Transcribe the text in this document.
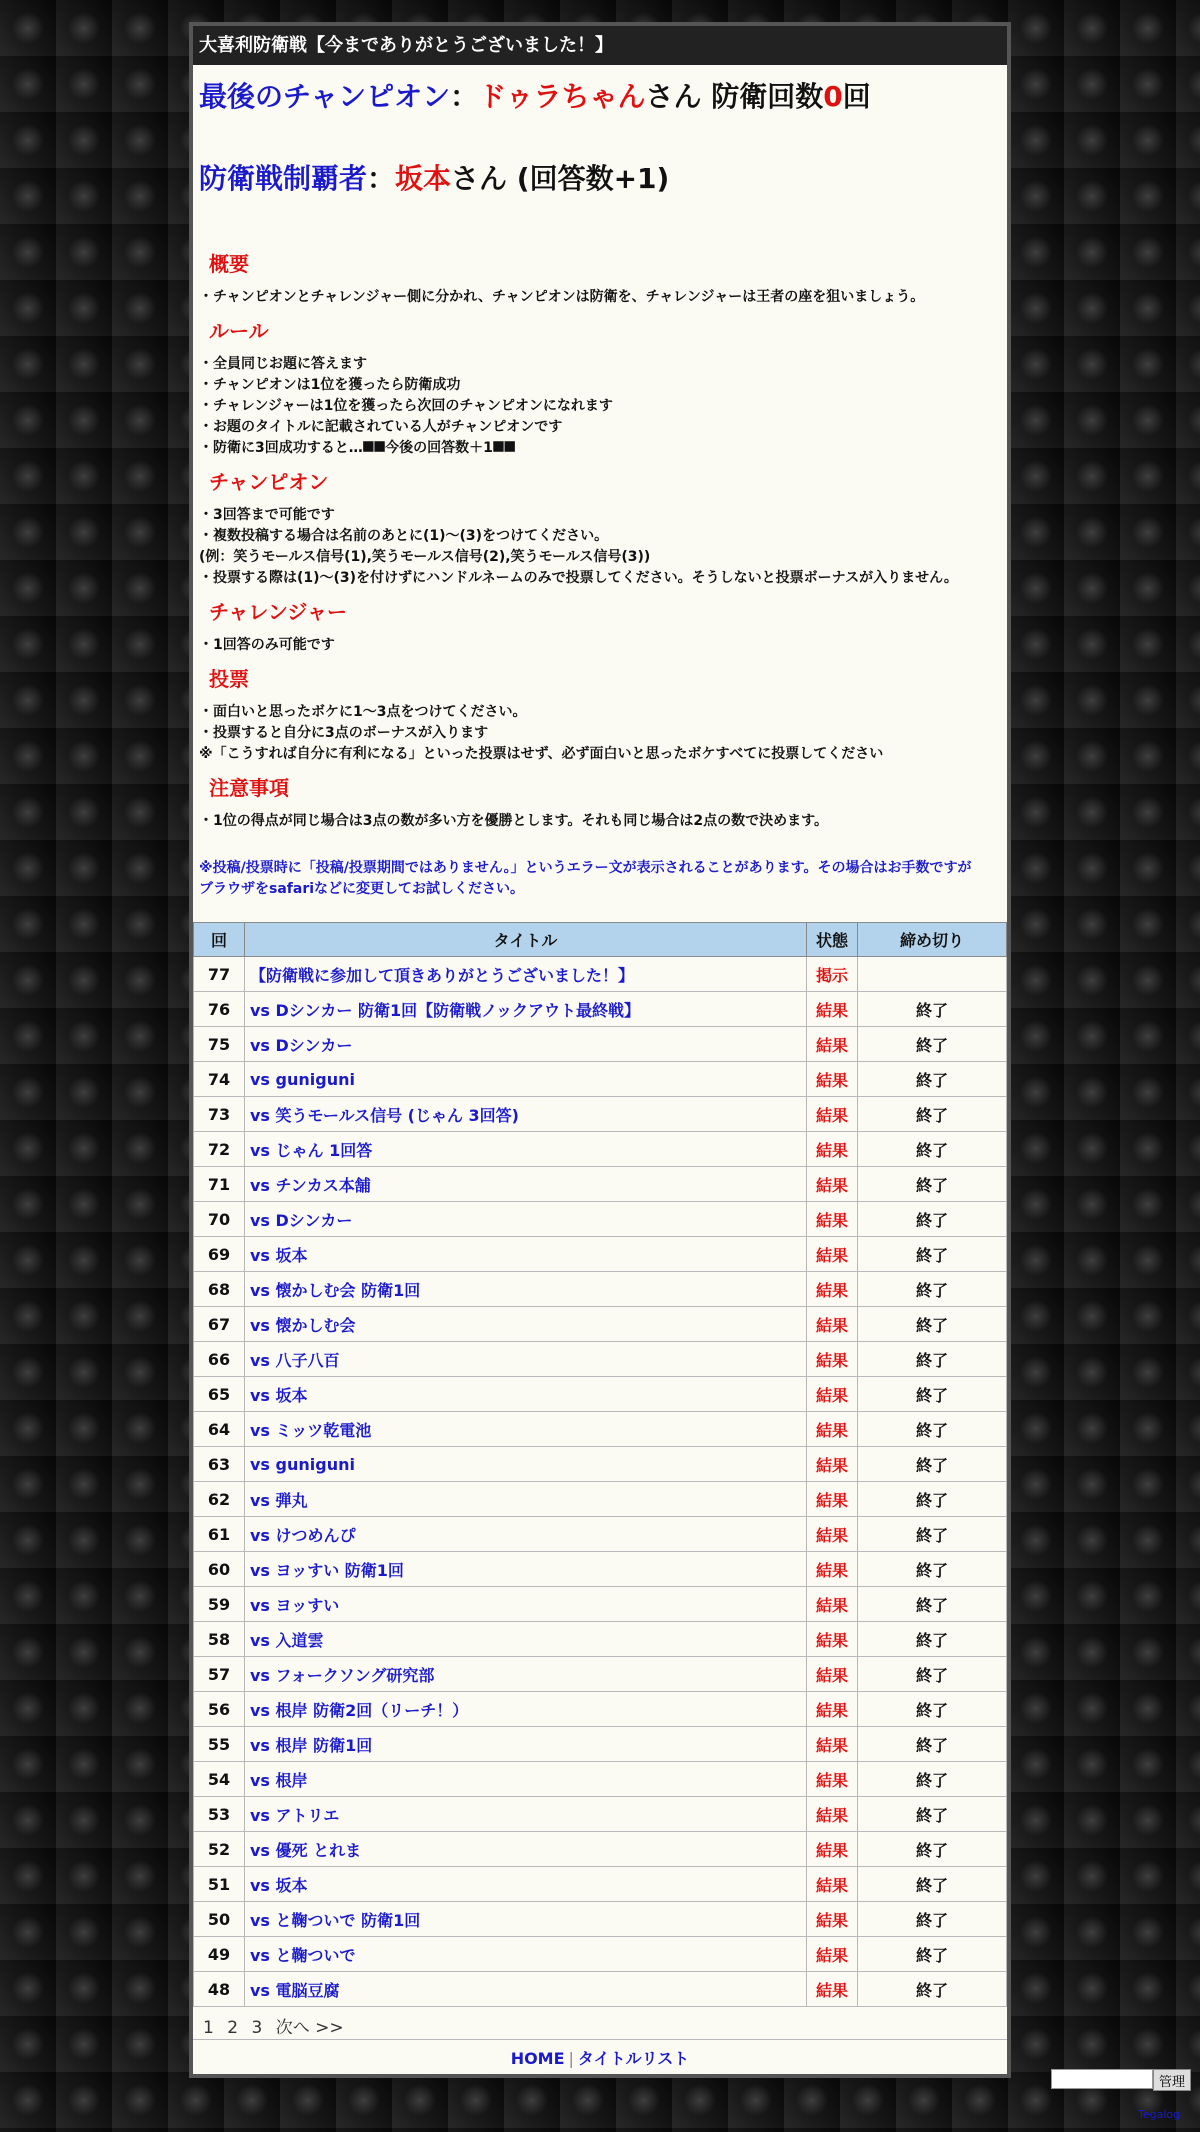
大喜利防衛戦【今までありがとうございました！】

最後のチャンピオン：ドゥラちゃんさん 防衛回数0回

防衛戦制覇者：坂本さん (回答数+1)

概要
・チャンピオンとチャレンジャー側に分かれ、チャンピオンは防衛を、チャレンジャーは王者の座を狙いましょう。
ルール
・全員同じお題に答えます
・チャンピオンは1位を獲ったら防衛成功
・チャレンジャーは1位を獲ったら次回のチャンピオンになれます
・お題のタイトルに記載されている人がチャンピオンです
・防衛に3回成功すると…⯀⯀今後の回答数＋1⯀⯀
チャンピオン
・3回答まで可能です
・複数投稿する場合は名前のあとに(1)〜(3)をつけてください。
(例：笑うモールス信号(1),笑うモールス信号(2),笑うモールス信号(3))
・投票する際は(1)〜(3)を付けずにハンドルネームのみで投票してください。そうしないと投票ボーナスが入りません。
チャレンジャー
・1回答のみ可能です
投票
・面白いと思ったボケに1〜3点をつけてください。
・投票すると自分に3点のボーナスが入ります
※「こうすれば自分に有利になる」といった投票はせず、必ず面白いと思ったボケすべてに投票してください
注意事項
・1位の得点が同じ場合は3点の数が多い方を優勝とします。それも同じ場合は2点の数で決めます。
※投稿/投票時に「投稿/投票期間ではありません。」というエラー文が表示されることがあります。その場合はお手数ですが
ブラウザをsafariなどに変更してお試しください。
回	タイトル	状態	締め切り
77	【防衛戦に参加して頂きありがとうございました！】	掲示	
76	vs Dシンカー 防衛1回【防衛戦ノックアウト最終戦】	結果	終了
75	vs Dシンカー	結果	終了
74	vs guniguni	結果	終了
73	vs 笑うモールス信号 (じゃん 3回答)	結果	終了
72	vs じゃん 1回答	結果	終了
71	vs チンカス本舗	結果	終了
70	vs Dシンカー	結果	終了
69	vs 坂本	結果	終了
68	vs 懐かしむ会 防衛1回	結果	終了
67	vs 懐かしむ会	結果	終了
66	vs 八子八百	結果	終了
65	vs 坂本	結果	終了
64	vs ミッツ乾電池	結果	終了
63	vs guniguni	結果	終了
62	vs 弾丸	結果	終了
61	vs けつめんぴ	結果	終了
60	vs ヨッすい 防衛1回	結果	終了
59	vs ヨッすい	結果	終了
58	vs 入道雲	結果	終了
57	vs フォークソング研究部	結果	終了
56	vs 根岸 防衛2回（リーチ！）	結果	終了
55	vs 根岸 防衛1回	結果	終了
54	vs 根岸	結果	終了
53	vs アトリエ	結果	終了
52	vs 優死 とれま	結果	終了
51	vs 坂本	結果	終了
50	vs と鞠ついで 防衛1回	結果	終了
49	vs と鞠ついで	結果	終了
48	vs 電脳豆腐	結果	終了
1 2 3 次へ >>
HOME | タイトルリスト
管理
Tegalog
